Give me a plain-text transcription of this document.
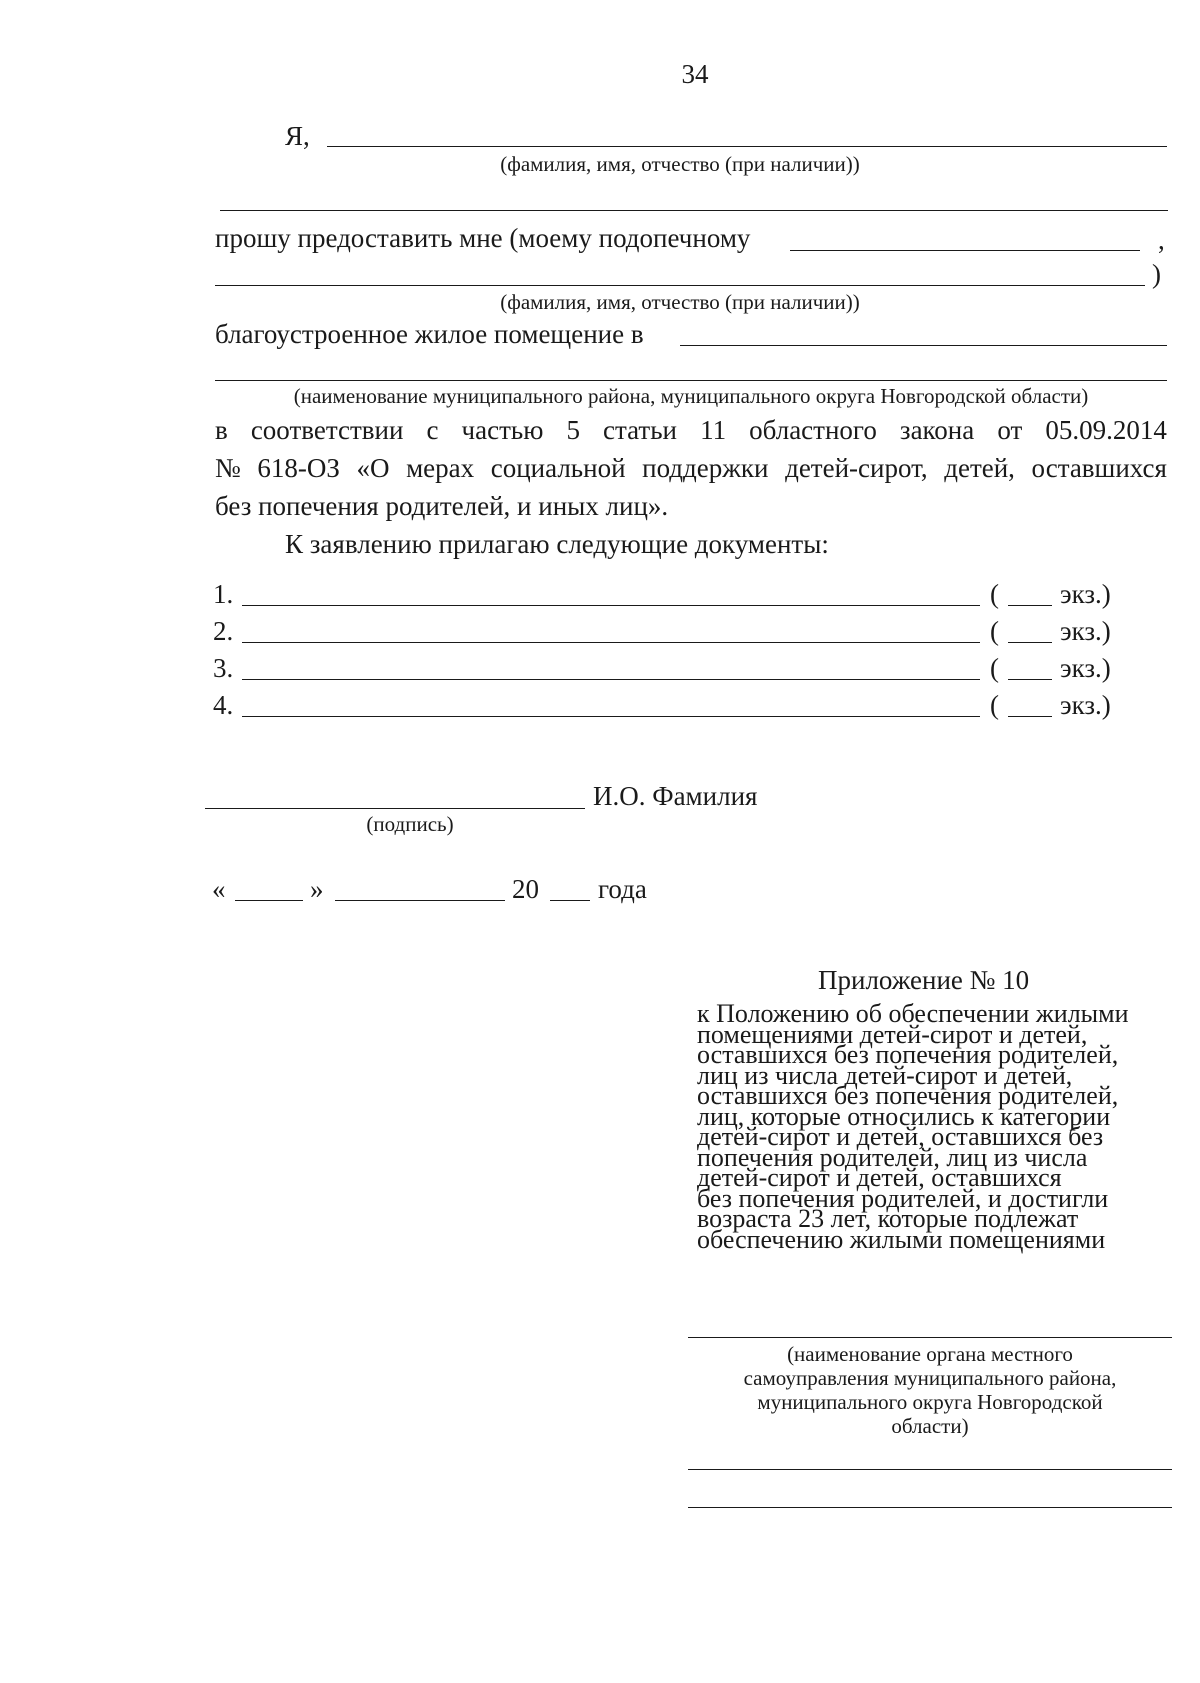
34
Я,
(фамилия, имя, отчество (при наличии))
прошу предоставить мне (моему подопечному	,
)
(фамилия, имя, отчество (при наличии))
благоустроенное жилое помещение в
(наименование муниципального района, муниципального округа Новгородской области)
в соответствии с частью 5 статьи 11 областного закона от 05.09.2014
№ 618-ОЗ «О мерах социальной поддержки детей-сирот, детей, оставшихся
без попечения родителей, и иных лиц».
К заявлению прилагаю следующие документы:
1.	( экз.)
2.	( экз.)
3.	( экз.)
4.	( экз.)
И.О. Фамилия
(подпись)
«	»	20 года
Приложение № 10
к Положению об обеспечении жилыми
помещениями детей-сирот и детей,
оставшихся без попечения родителей,
лиц из числа детей-сирот и детей,
оставшихся без попечения родителей,
лиц, которые относились к категории
детей-сирот и детей, оставшихся без
попечения родителей, лиц из числа
детей-сирот и детей, оставшихся
без попечения родителей, и достигли
возраста 23 лет, которые подлежат
обеспечению жилыми помещениями
(наименование органа местного
самоуправления муниципального района,
муниципального округа Новгородской
области)
